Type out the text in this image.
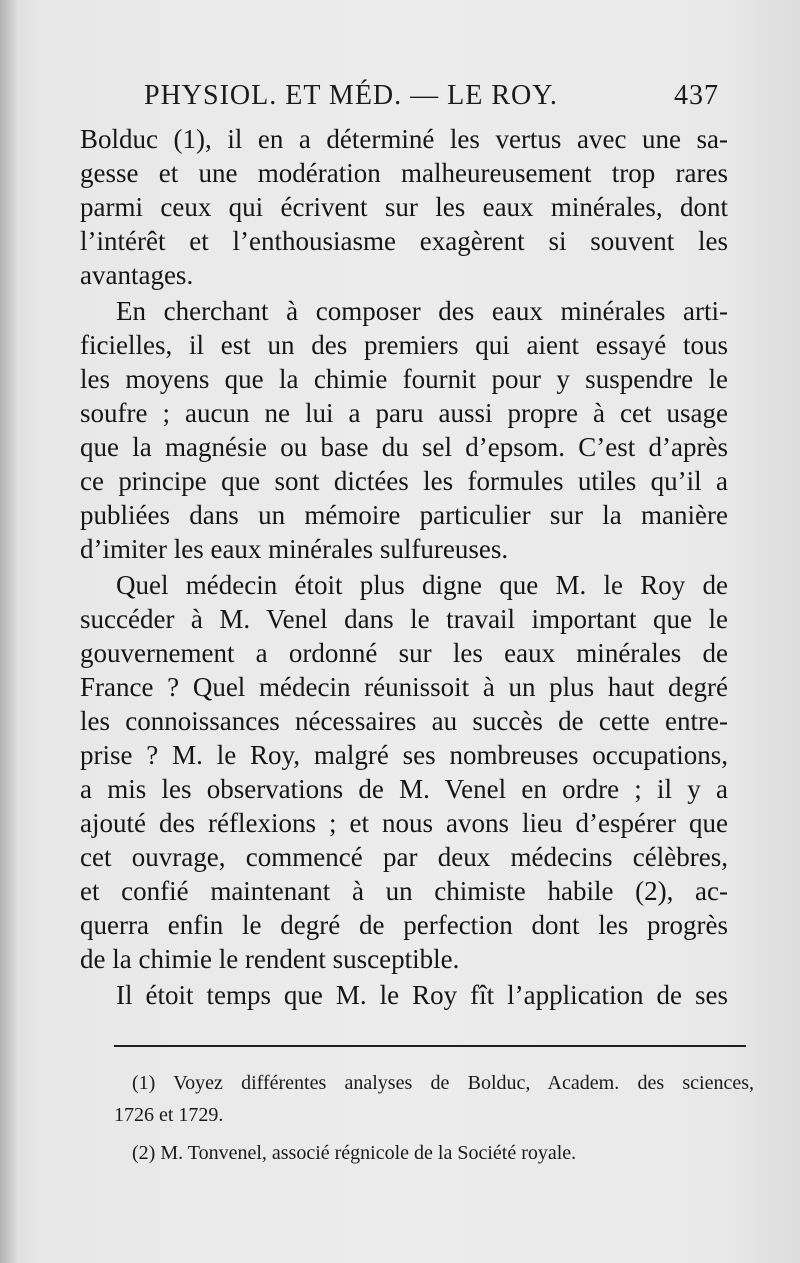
PHYSIOL. ET MÉD. — LE ROY.	437
Bolduc (1), il en a déterminé les vertus avec une sa-
gesse et une modération malheureusement trop rares
parmi ceux qui écrivent sur les eaux minérales, dont
l’intérêt et l’enthousiasme exagèrent si souvent les
avantages.
En cherchant à composer des eaux minérales arti-
ficielles, il est un des premiers qui aient essayé tous
les moyens que la chimie fournit pour y suspendre le
soufre ; aucun ne lui a paru aussi propre à cet usage
que la magnésie ou base du sel d’epsom. C’est d’après
ce principe que sont dictées les formules utiles qu’il a
publiées dans un mémoire particulier sur la manière
d’imiter les eaux minérales sulfureuses.
Quel médecin étoit plus digne que M. le Roy de
succéder à M. Venel dans le travail important que le
gouvernement a ordonné sur les eaux minérales de
France ? Quel médecin réunissoit à un plus haut degré
les connoissances nécessaires au succès de cette entre-
prise ? M. le Roy, malgré ses nombreuses occupations,
a mis les observations de M. Venel en ordre ; il y a
ajouté des réflexions ; et nous avons lieu d’espérer que
cet ouvrage, commencé par deux médecins célèbres,
et confié maintenant à un chimiste habile (2), ac-
querra enfin le degré de perfection dont les progrès
de la chimie le rendent susceptible.
Il étoit temps que M. le Roy fît l’application de ses
(1) Voyez différentes analyses de Bolduc, Academ. des sciences,
1726 et 1729.
(2) M. Tonvenel, associé régnicole de la Société royale.
